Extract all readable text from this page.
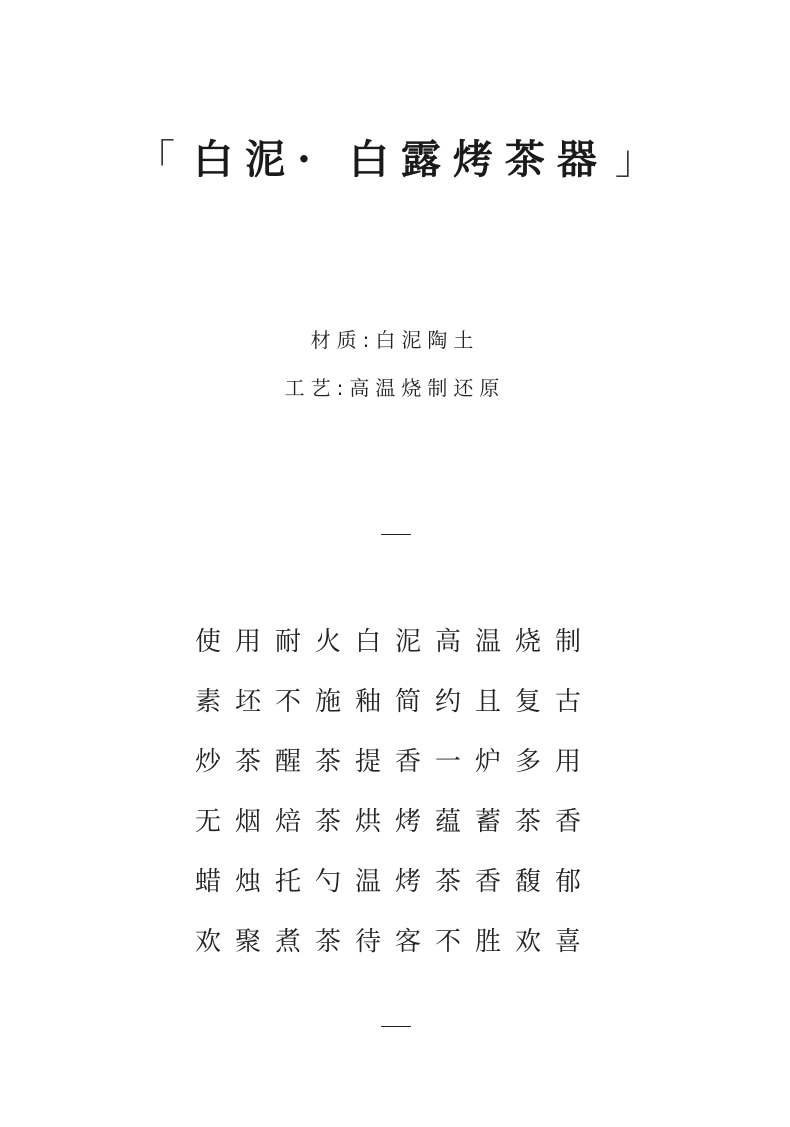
「 白泥· 白露烤茶器 」
材质:白泥陶土
工艺:高温烧制还原
使用耐火白泥高温烧制
素坯不施釉简约且复古
炒茶醒茶提香一炉多用
无烟焙茶烘烤蕴蓄茶香
蜡烛托勺温烤茶香馥郁
欢聚煮茶待客不胜欢喜
